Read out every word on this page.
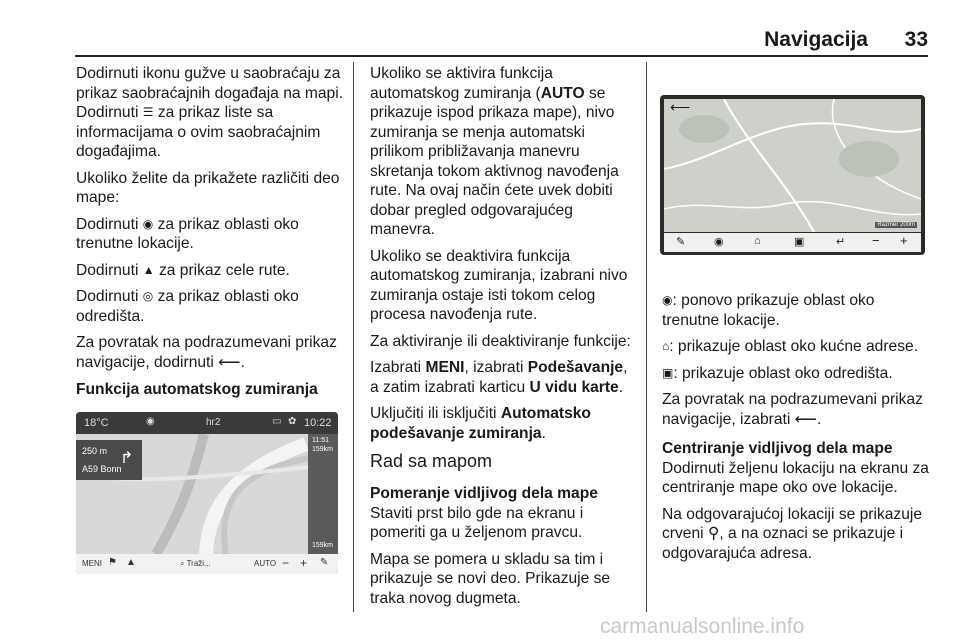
Navigacija 33

Dodirnuti ikonu gužve u saobraćaju za prikaz saobraćajnih događaja na mapi. Dodirnuti ☰ za prikaz liste sa informacijama o ovim saobraćajnim događajima.

Ukoliko želite da prikažete različiti deo mape:

Dodirnuti ◉ za prikaz oblasti oko trenutne lokacije.

Dodirnuti ▲ za prikaz cele rute.

Dodirnuti ◎ za prikaz oblasti oko odredišta.

Za povratak na podrazumevani prikaz navigacije, dodirnuti ⟵.

Funkcija automatskog zumiranja
18°C	◉	hr2	▭ ✿ 10:22
250 m
A59 Bonn
↱
11:51
159km
159km
MENI ⚑ ▲	⌕ Traži...	AUTO − + ✎

Ukoliko se aktivira funkcija automatskog zumiranja (AUTO se prikazuje ispod prikaza mape), nivo zumiranja se menja automatski prilikom približavanja manevru skretanja tokom aktivnog navođenja rute. Na ovaj način ćete uvek dobiti dobar pregled odgovarajućeg manevra.

Ukoliko se deaktivira funkcija automatskog zumiranja, izabrani nivo zumiranja ostaje isti tokom celog procesa navođenja rute.

Za aktiviranje ili deaktiviranje funkcije:

Izabrati MENI, izabrati Podešavanje, a zatim izabrati karticu U vidu karte.

Uključiti ili isključiti Automatsko podešavanje zumiranja.

Rad sa mapom
Pomeranje vidljivog dela mape

Staviti prst bilo gde na ekranu i pomeriti ga u željenom pravcu.

Mapa se pomera u skladu sa tim i prikazuje se novi deo. Prikazuje se traka novog dugmeta.

⟵
Razmer 200m
✎	◉	⌂	▣	↵ − +

◉: ponovo prikazuje oblast oko trenutne lokacije.

⌂: prikazuje oblast oko kućne adrese.

▣: prikazuje oblast oko odredišta.

Za povratak na podrazumevani prikaz navigacije, izabrati ⟵.

Centriranje vidljivog dela mape

Dodirnuti željenu lokaciju na ekranu za centriranje mape oko ove lokacije.

Na odgovarajućoj lokaciji se prikazuje crveni ⚲, a na oznaci se prikazuje i odgovarajuća adresa.

carmanualsonline.info
